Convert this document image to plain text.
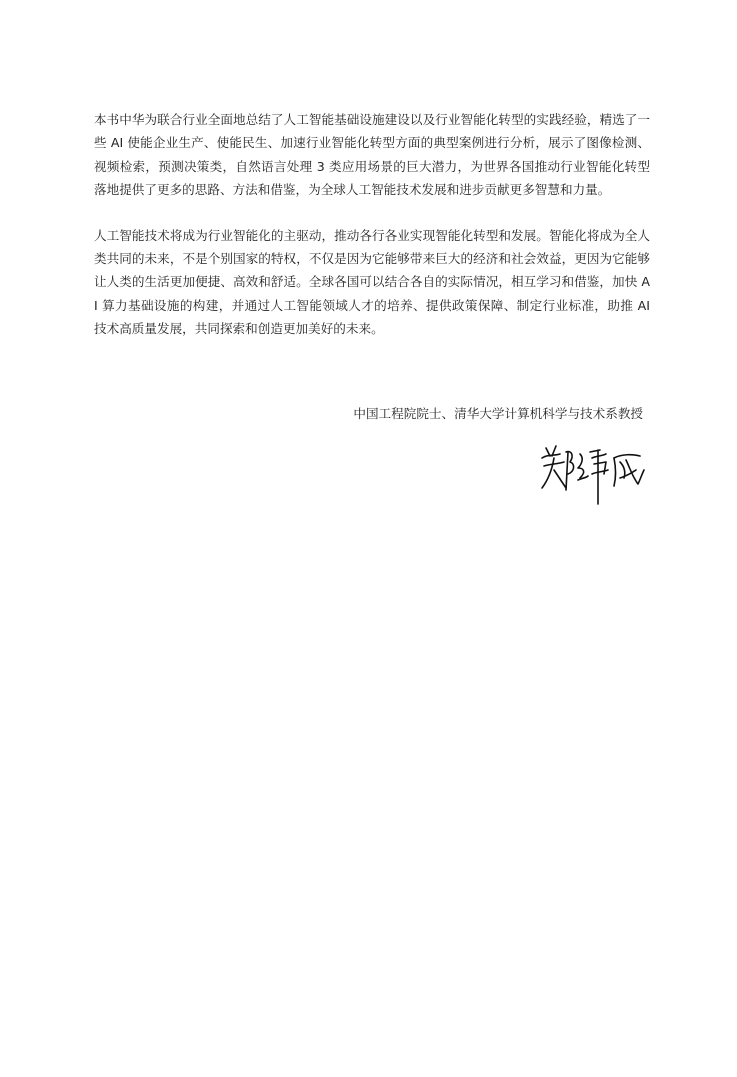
本书中华为联合行业全面地总结了人工智能基础设施建设以及行业智能化转型的实践经验，精选了一些 AI 使能企业生产、使能民生、加速行业智能化转型方面的典型案例进行分析，展示了图像检测、视频检索，预测决策类，自然语言处理 3 类应用场景的巨大潜力，为世界各国推动行业智能化转型落地提供了更多的思路、方法和借鉴，为全球人工智能技术发展和进步贡献更多智慧和力量。

人工智能技术将成为行业智能化的主驱动，推动各行各业实现智能化转型和发展。智能化将成为全人类共同的未来，不是个别国家的特权，不仅是因为它能够带来巨大的经济和社会效益，更因为它能够让人类的生活更加便捷、高效和舒适。全球各国可以结合各自的实际情况，相互学习和借鉴，加快 AI 算力基础设施的构建，并通过人工智能领域人才的培养、提供政策保障、制定行业标准，助推 AI 技术高质量发展，共同探索和创造更加美好的未来。

中国工程院院士、清华大学计算机科学与技术系教授
